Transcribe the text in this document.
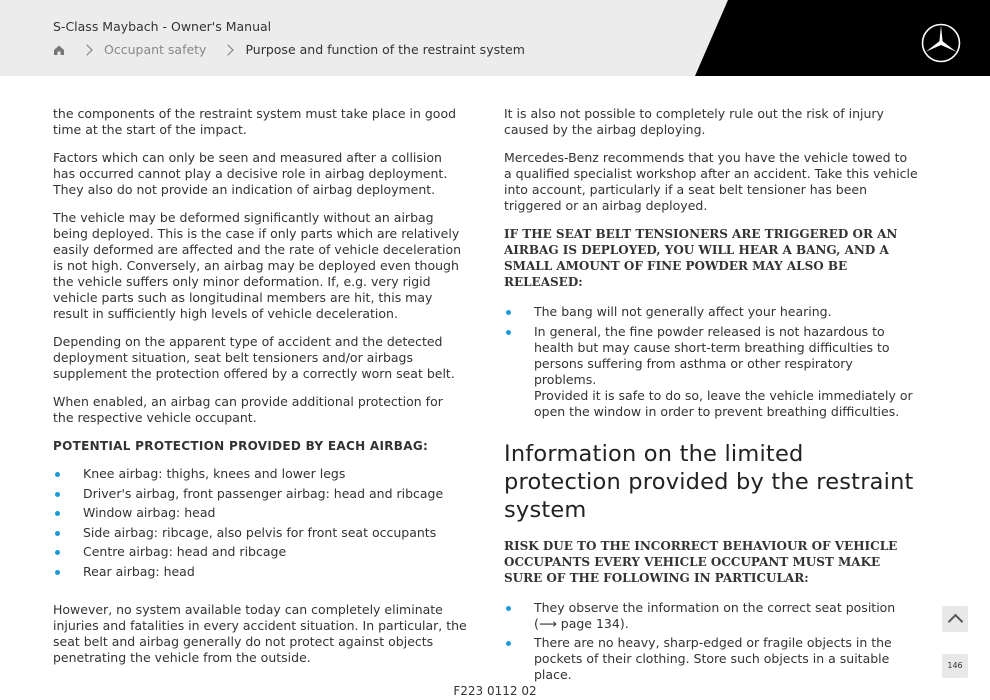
S-Class Maybach - Owner's Manual
Occupant safety	Purpose and function of the restraint system

the components of the restraint system must take place in good time at the start of the impact.

Factors which can only be seen and measured after a collision has occurred cannot play a decisive role in airbag deployment. They also do not provide an indication of airbag deployment.

The vehicle may be deformed significantly without an airbag being deployed. This is the case if only parts which are relatively easily deformed are affected and the rate of vehicle deceleration is not high. Conversely, an airbag may be deployed even though the vehicle suffers only minor deformation. If, e.g. very rigid vehicle parts such as longitudinal members are hit, this may result in sufficiently high levels of vehicle deceleration.

Depending on the apparent type of accident and the detected deployment situation, seat belt tensioners and/or airbags supplement the protection offered by a correctly worn seat belt.

When enabled, an airbag can provide additional protection for the respective vehicle occupant.

POTENTIAL PROTECTION PROVIDED BY EACH AIRBAG:
Knee airbag: thighs, knees and lower legs
Driver's airbag, front passenger airbag: head and ribcage
Window airbag: head
Side airbag: ribcage, also pelvis for front seat occupants
Centre airbag: head and ribcage
Rear airbag: head

However, no system available today can completely eliminate injuries and fatalities in every accident situation. In particular, the seat belt and airbag generally do not protect against objects penetrating the vehicle from the outside.

It is also not possible to completely rule out the risk of injury caused by the airbag deploying.

Mercedes-Benz recommends that you have the vehicle towed to a qualified specialist workshop after an accident. Take this vehicle into account, particularly if a seat belt tensioner has been triggered or an airbag deployed.

IF THE SEAT BELT TENSIONERS ARE TRIGGERED OR AN AIRBAG IS DEPLOYED, YOU WILL HEAR A BANG, AND A SMALL AMOUNT OF FINE POWDER MAY ALSO BE RELEASED:
The bang will not generally affect your hearing.
In general, the fine powder released is not hazardous to health but may cause short-term breathing difficulties to persons suffering from asthma or other respiratory problems.
Provided it is safe to do so, leave the vehicle immediately or open the window in order to prevent breathing difficulties.
Information on the limited protection provided by the restraint system
RISK DUE TO THE INCORRECT BEHAVIOUR OF VEHICLE OCCUPANTS EVERY VEHICLE OCCUPANT MUST MAKE SURE OF THE FOLLOWING IN PARTICULAR:
They observe the information on the correct seat position (⟶ page 134).
There are no heavy, sharp-edged or fragile objects in the pockets of their clothing. Store such objects in a suitable place.
146
F223 0112 02
